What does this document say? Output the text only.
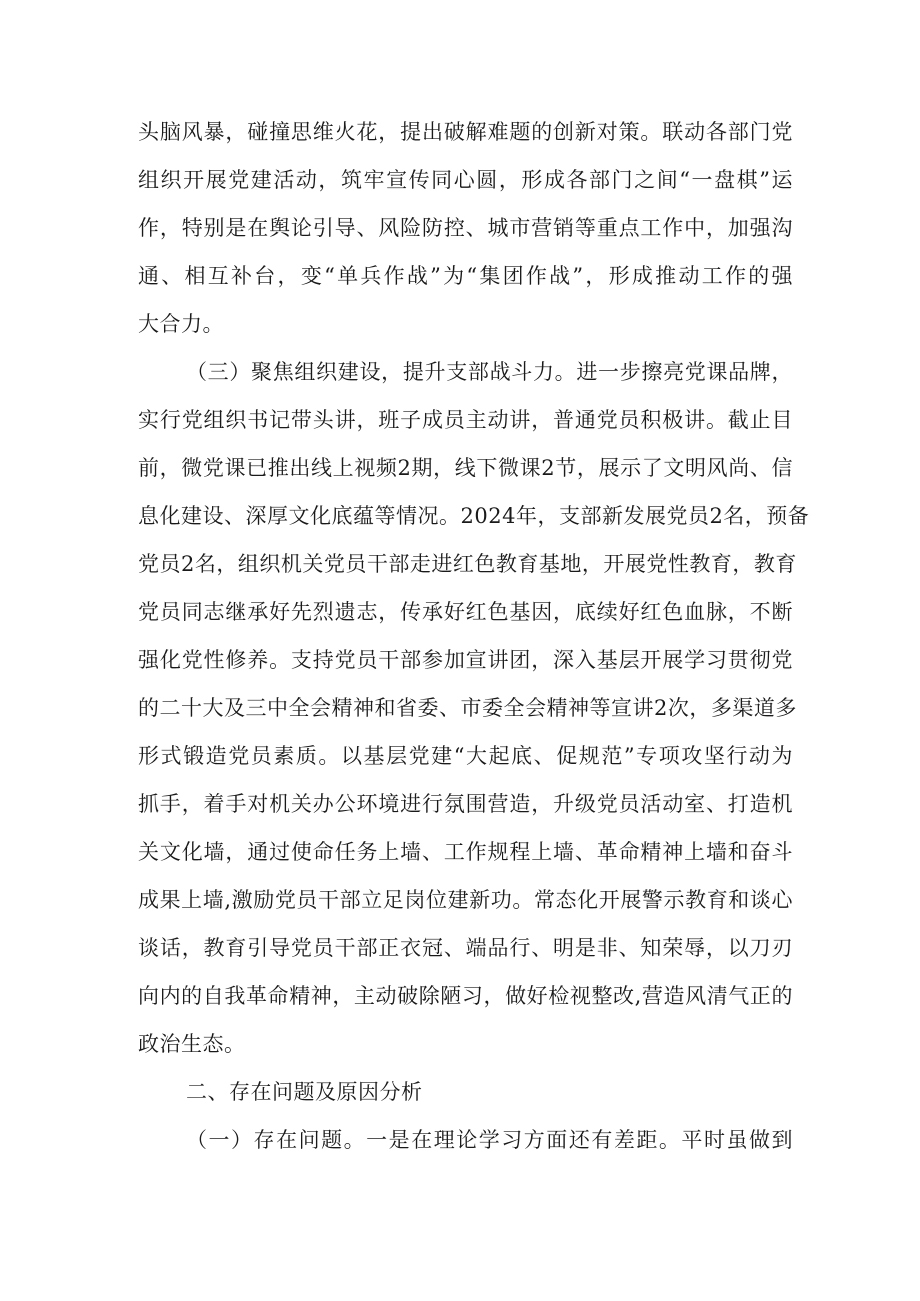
头脑风暴，碰撞思维火花，提出破解难题的创新对策。联动各部门党
组织开展党建活动，筑牢宣传同心圆，形成各部门之间“一盘棋”运
作，特别是在舆论引导、风险防控、城市营销等重点工作中，加强沟
通、相互补台，变“单兵作战”为“集团作战”，形成推动工作的强
大合力。
（三）聚焦组织建设，提升支部战斗力。进一步擦亮党课品牌，
实行党组织书记带头讲，班子成员主动讲，普通党员积极讲。截止目
前，微党课已推出线上视频2期，线下微课2节，展示了文明风尚、信
息化建设、深厚文化底蕴等情况。2024年，支部新发展党员2名，预备
党员2名，组织机关党员干部走进红色教育基地，开展党性教育，教育
党员同志继承好先烈遗志，传承好红色基因，底续好红色血脉，不断
强化党性修养。支持党员干部参加宣讲团，深入基层开展学习贯彻党
的二十大及三中全会精神和省委、市委全会精神等宣讲2次，多渠道多
形式锻造党员素质。以基层党建“大起底、促规范”专项攻坚行动为
抓手，着手对机关办公环境进行氛围营造，升级党员活动室、打造机
关文化墙，通过使命任务上墙、工作规程上墙、革命精神上墙和奋斗
成果上墙,激励党员干部立足岗位建新功。常态化开展警示教育和谈心
谈话，教育引导党员干部正衣冠、端品行、明是非、知荣辱，以刀刃
向内的自我革命精神，主动破除陋习，做好检视整改,营造风清气正的
政治生态。
二、存在问题及原因分析
（一）存在问题。一是在理论学习方面还有差距。平时虽做到
